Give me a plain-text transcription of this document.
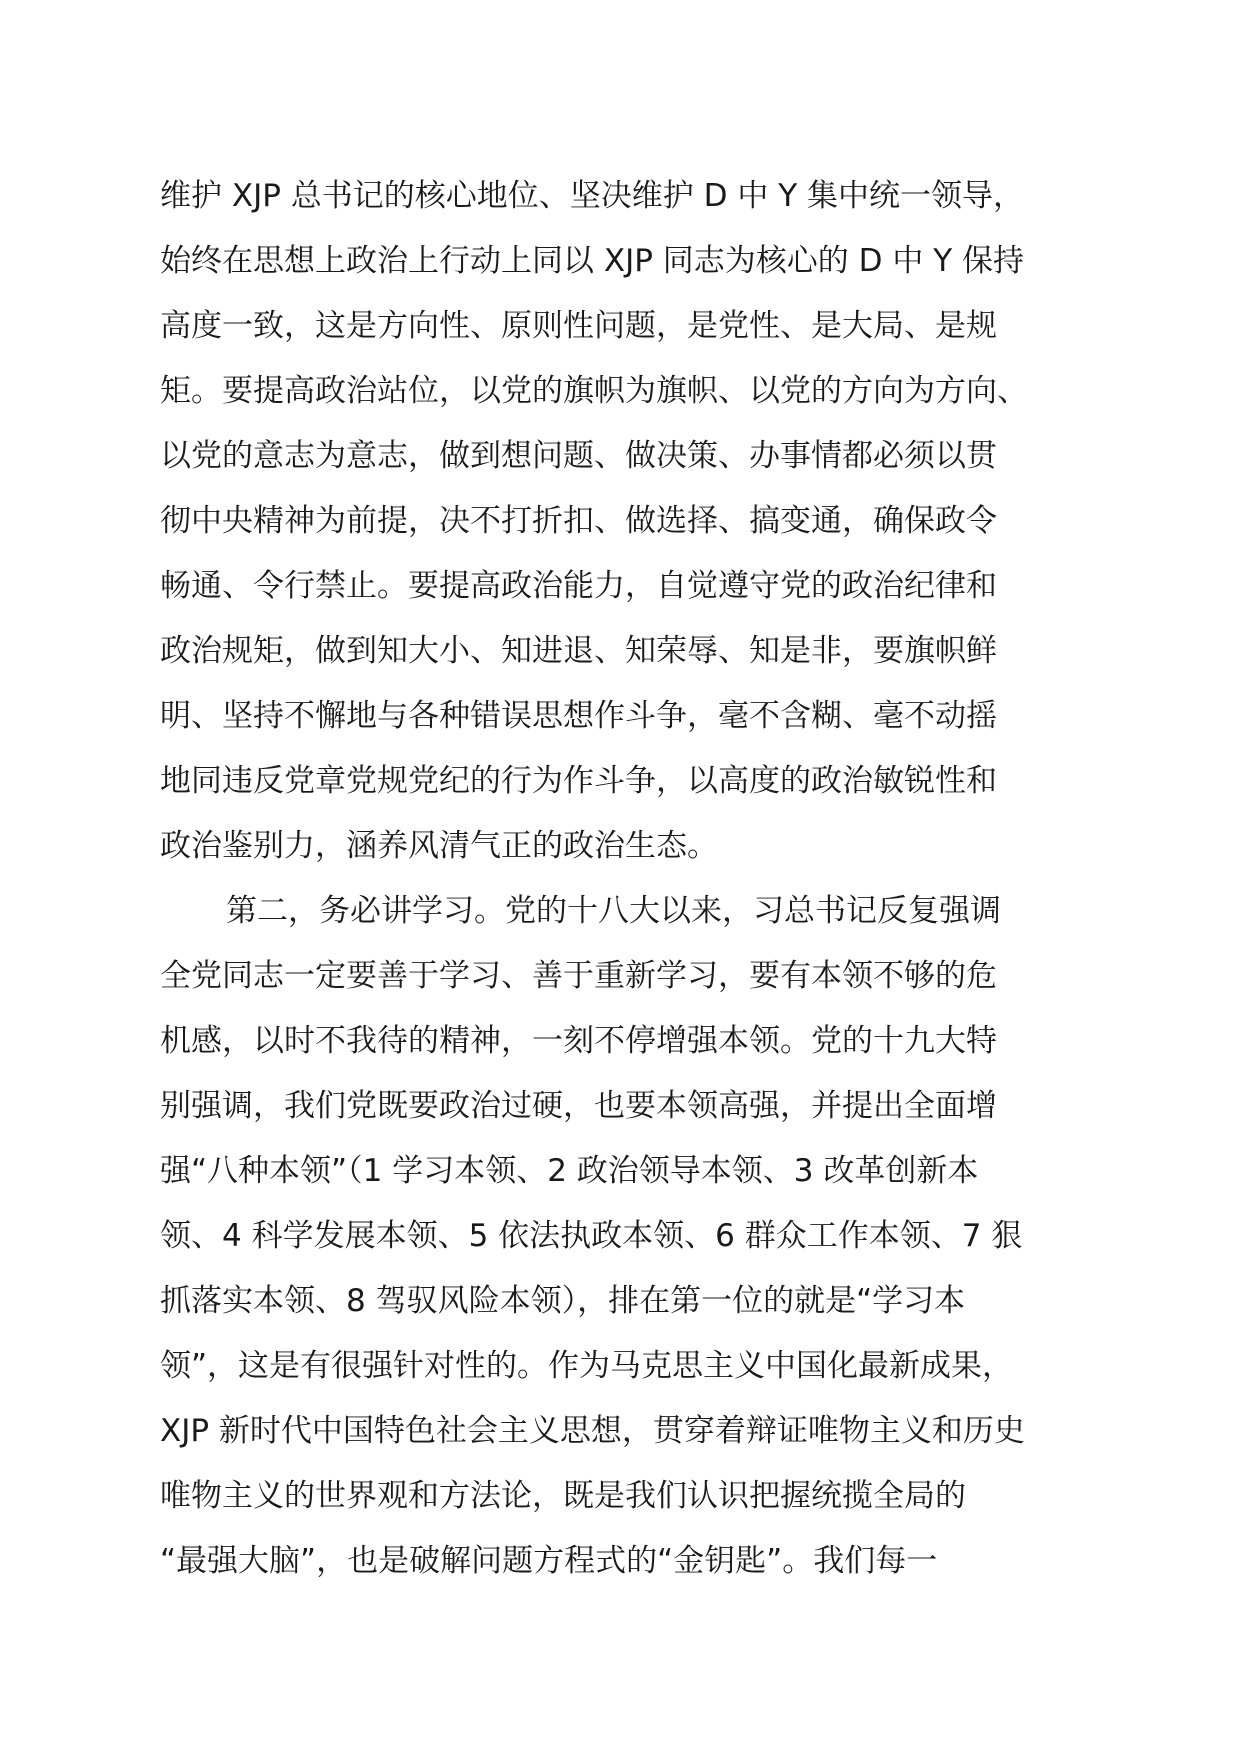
维护 XJP 总书记的核心地位、坚决维护 D 中 Y 集中统一领导，
始终在思想上政治上行动上同以 XJP 同志为核心的 D 中 Y 保持
高度一致，这是方向性、原则性问题，是党性、是大局、是规
矩。要提高政治站位，以党的旗帜为旗帜、以党的方向为方向、
以党的意志为意志，做到想问题、做决策、办事情都必须以贯
彻中央精神为前提，决不打折扣、做选择、搞变通，确保政令
畅通、令行禁止。要提高政治能力，自觉遵守党的政治纪律和
政治规矩，做到知大小、知进退、知荣辱、知是非，要旗帜鲜
明、坚持不懈地与各种错误思想作斗争，毫不含糊、毫不动摇
地同违反党章党规党纪的行为作斗争，以高度的政治敏锐性和
政治鉴别力，涵养风清气正的政治生态。
第二，务必讲学习。党的十八大以来，习总书记反复强调
全党同志一定要善于学习、善于重新学习，要有本领不够的危
机感，以时不我待的精神，一刻不停增强本领。党的十九大特
别强调，我们党既要政治过硬，也要本领高强，并提出全面增
强“八种本领”（1 学习本领、2 政治领导本领、3 改革创新本
领、4 科学发展本领、5 依法执政本领、6 群众工作本领、7 狠
抓落实本领、8 驾驭风险本领），排在第一位的就是“学习本
领”，这是有很强针对性的。作为马克思主义中国化最新成果，
XJP 新时代中国特色社会主义思想，贯穿着辩证唯物主义和历史
唯物主义的世界观和方法论，既是我们认识把握统揽全局的
“最强大脑”，也是破解问题方程式的“金钥匙”。我们每一
